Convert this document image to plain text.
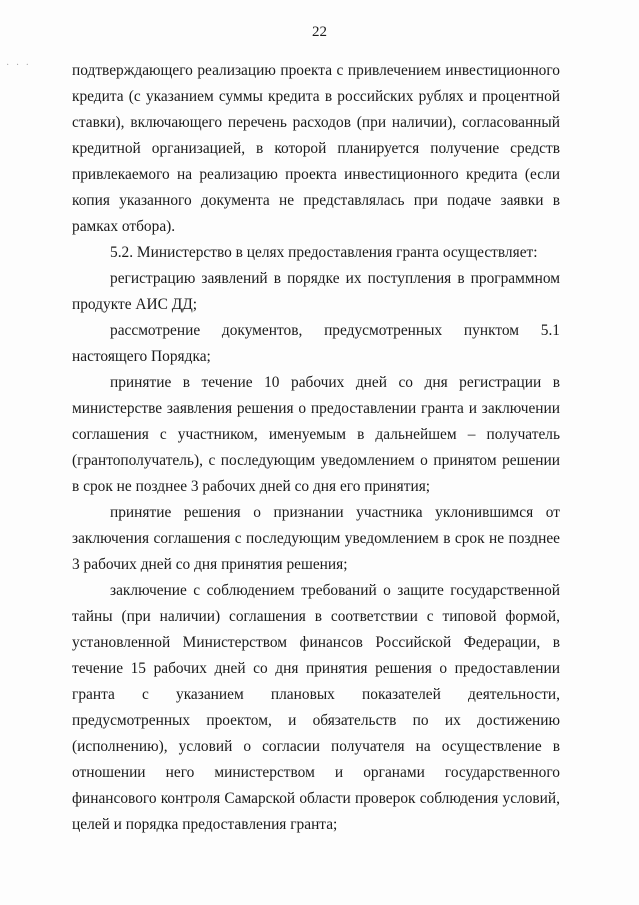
22
· · ·	подтверждающего реализацию проекта с привлечением инвестиционного кредита (с указанием суммы кредита в российских рублях и процентной ставки), включающего перечень расходов (при наличии), согласованный кредитной организацией, в которой планируется получение средств привлекаемого на реализацию проекта инвестиционного кредита (если копия указанного документа не представлялась при подаче заявки в рамках отбора).

5.2. Министерство в целях предоставления гранта осуществляет:

регистрацию заявлений в порядке их поступления в программном продукте АИС ДД;

рассмотрение документов, предусмотренных пунктом 5.1 настоящего Порядка;

принятие в течение 10 рабочих дней со дня регистрации в министерстве заявления решения о предоставлении гранта и заключении соглашения с участником, именуемым в дальнейшем – получатель (грантополучатель), с последующим уведомлением о принятом решении в срок не позднее 3 рабочих дней со дня его принятия;

принятие решения о признании участника уклонившимся от заключения соглашения с последующим уведомлением в срок не позднее 3 рабочих дней со дня принятия решения;

заключение с соблюдением требований о защите государственной тайны (при наличии) соглашения в соответствии с типовой формой, установленной Министерством финансов Российской Федерации, в течение 15 рабочих дней со дня принятия решения о предоставлении гранта с указанием плановых показателей деятельности, предусмотренных проектом, и обязательств по их достижению (исполнению), условий о согласии получателя на осуществление в отношении него министерством и органами государственного финансового контроля Самарской области проверок соблюдения условий, целей и порядка предоставления гранта;
